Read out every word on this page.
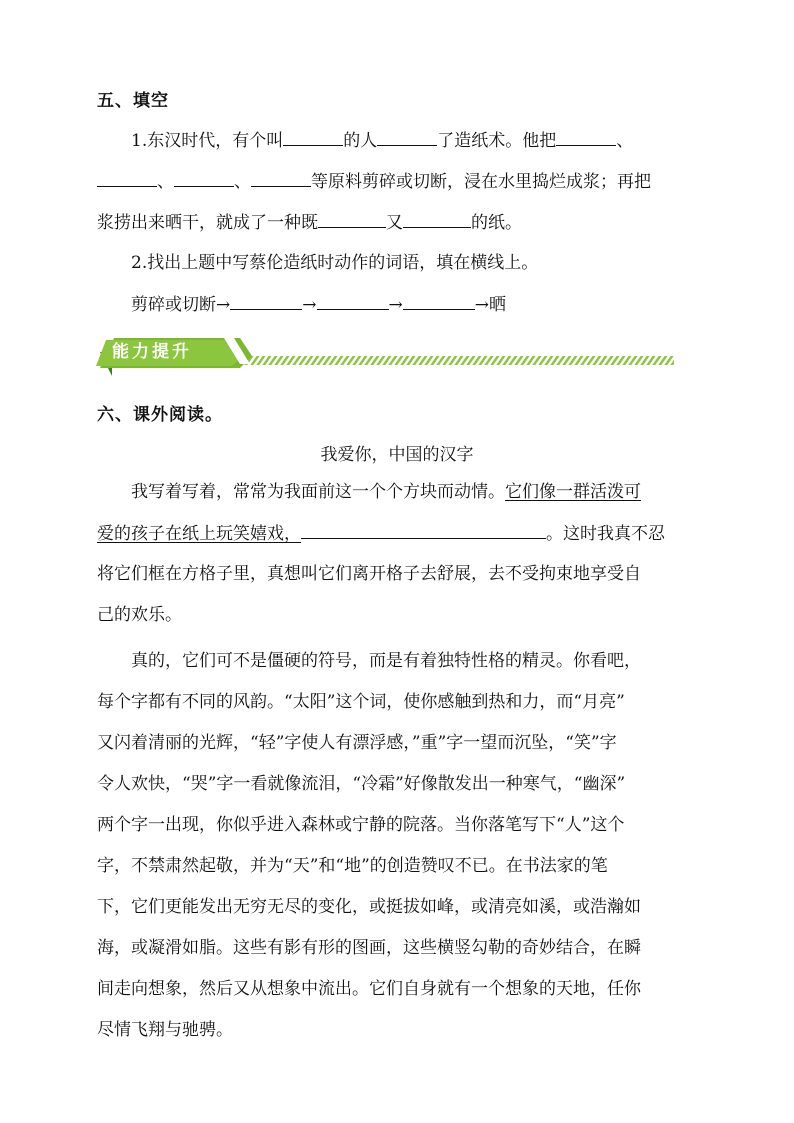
五、填空
1.东汉时代，有个叫	的人	了造纸术。他把	、
、	、	等原料剪碎或切断，浸在水里捣烂成浆；再把
浆捞出来晒干，就成了一种既	又	的纸。
2.找出上题中写蔡伦造纸时动作的词语，填在横线上。
剪碎或切断→	→	→	→晒
能力提升
六、课外阅读。
我爱你，中国的汉字
我写着写着，常常为我面前这一个个方块而动情。它们像一群活泼可
爱的孩子在纸上玩笑嬉戏，	。这时我真不忍
将它们框在方格子里，真想叫它们离开格子去舒展，去不受拘束地享受自
己的欢乐。
真的，它们可不是僵硬的符号，而是有着独特性格的精灵。你看吧，
每个字都有不同的风韵。“太阳”这个词，使你感触到热和力，而“月亮”
又闪着清丽的光辉，“轻”字使人有漂浮感，”重”字一望而沉坠，“笑”字
令人欢快，“哭”字一看就像流泪，“冷霜”好像散发出一种寒气，“幽深”
两个字一出现，你似乎进入森林或宁静的院落。当你落笔写下“人”这个
字，不禁肃然起敬，并为“天”和“地”的创造赞叹不已。在书法家的笔
下，它们更能发出无穷无尽的变化，或挺拔如峰，或清亮如溪，或浩瀚如
海，或凝滑如脂。这些有影有形的图画，这些横竖勾勒的奇妙结合，在瞬
间走向想象，然后又从想象中流出。它们自身就有一个想象的天地，任你
尽情飞翔与驰骋。
